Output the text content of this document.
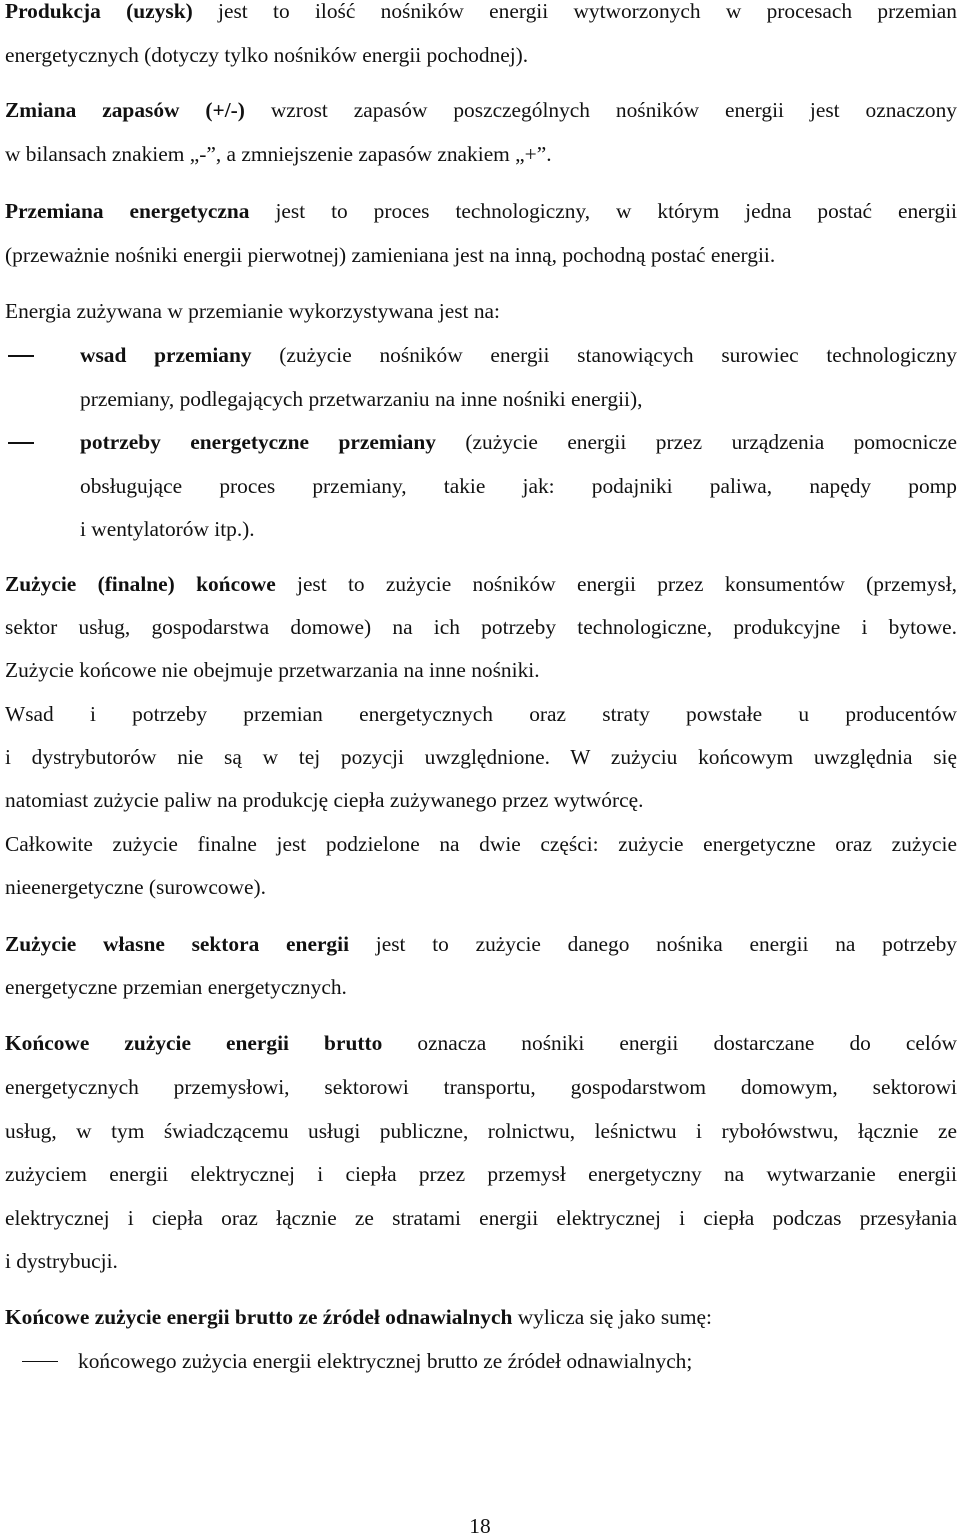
Produkcja (uzysk) jest to ilość nośników energii wytworzonych w procesach przemian
energetycznych (dotyczy tylko nośników energii pochodnej).
Zmiana zapasów (+/-) wzrost zapasów poszczególnych nośników energii jest oznaczony
w bilansach znakiem „-”, a zmniejszenie zapasów znakiem „+”.
Przemiana energetyczna jest to proces technologiczny, w którym jedna postać energii
(przeważnie nośniki energii pierwotnej) zamieniana jest na inną, pochodną postać energii.
Energia zużywana w przemianie wykorzystywana jest na:
wsad przemiany (zużycie nośników energii stanowiących surowiec technologiczny
przemiany, podlegających przetwarzaniu na inne nośniki energii),
potrzeby energetyczne przemiany (zużycie energii przez urządzenia pomocnicze
obsługujące proces przemiany, takie jak: podajniki paliwa, napędy pomp
i wentylatorów itp.).
Zużycie (finalne) końcowe jest to zużycie nośników energii przez konsumentów (przemysł,
sektor usług, gospodarstwa domowe) na ich potrzeby technologiczne, produkcyjne i bytowe.
Zużycie końcowe nie obejmuje przetwarzania na inne nośniki.
Wsad i potrzeby przemian energetycznych oraz straty powstałe u producentów
i dystrybutorów nie są w tej pozycji uwzględnione. W zużyciu końcowym uwzględnia się
natomiast zużycie paliw na produkcję ciepła zużywanego przez wytwórcę.
Całkowite zużycie finalne jest podzielone na dwie części: zużycie energetyczne oraz zużycie
nieenergetyczne (surowcowe).
Zużycie własne sektora energii jest to zużycie danego nośnika energii na potrzeby
energetyczne przemian energetycznych.
Końcowe zużycie energii brutto oznacza nośniki energii dostarczane do celów
energetycznych przemysłowi, sektorowi transportu, gospodarstwom domowym, sektorowi
usług, w tym świadczącemu usługi publiczne, rolnictwu, leśnictwu i rybołówstwu, łącznie ze
zużyciem energii elektrycznej i ciepła przez przemysł energetyczny na wytwarzanie energii
elektrycznej i ciepła oraz łącznie ze stratami energii elektrycznej i ciepła podczas przesyłania
i dystrybucji.
Końcowe zużycie energii brutto ze źródeł odnawialnych wylicza się jako sumę:
końcowego zużycia energii elektrycznej brutto ze źródeł odnawialnych;
18
